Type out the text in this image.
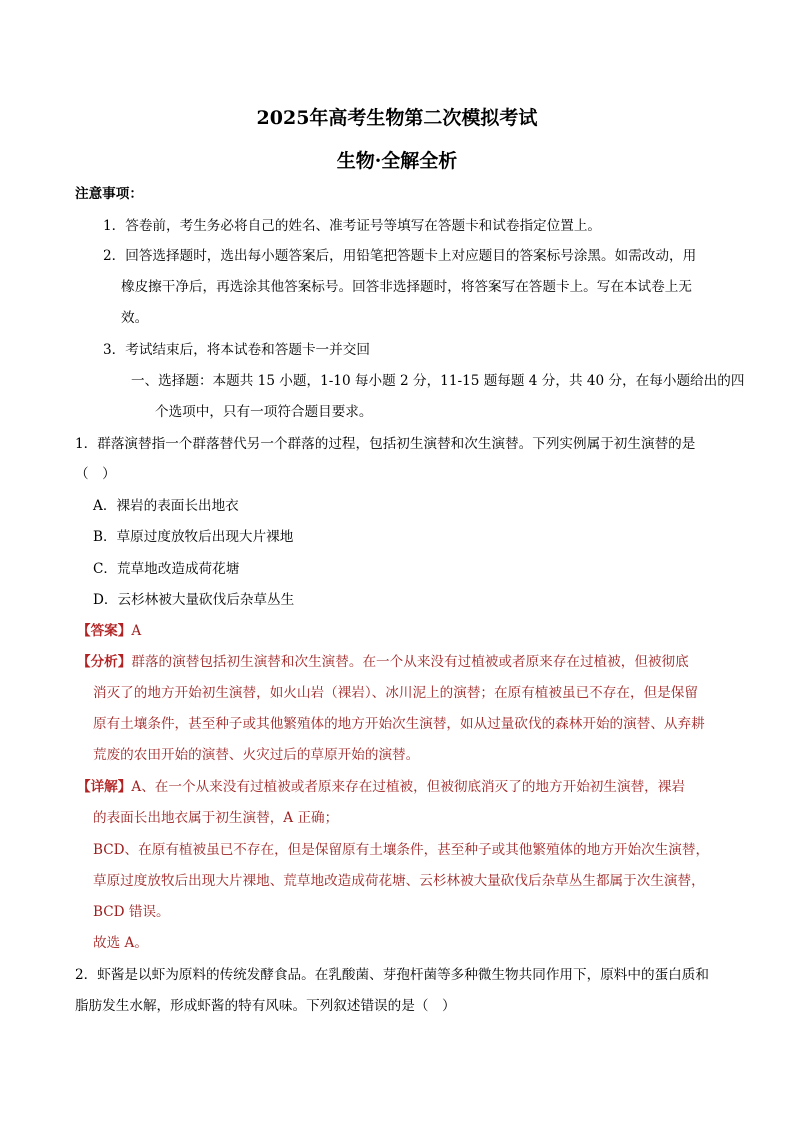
2025年高考生物第二次模拟考试
生物·全解全析
注意事项：
1．答卷前，考生务必将自己的姓名、准考证号等填写在答题卡和试卷指定位置上。
2．回答选择题时，选出每小题答案后，用铅笔把答题卡上对应题目的答案标号涂黑。如需改动，用
橡皮擦干净后，再选涂其他答案标号。回答非选择题时，将答案写在答题卡上。写在本试卷上无
效。
3．考试结束后，将本试卷和答题卡一并交回
一、选择题：本题共 15 小题，1-10 每小题 2 分，11-15 题每题 4 分，共 40 分，在每小题给出的四
个选项中，只有一项符合题目要求。
1．群落演替指一个群落替代另一个群落的过程，包括初生演替和次生演替。下列实例属于初生演替的是
（　）
A．裸岩的表面长出地衣
B．草原过度放牧后出现大片裸地
C．荒草地改造成荷花塘
D．云杉林被大量砍伐后杂草丛生
【答案】A
【分析】群落的演替包括初生演替和次生演替。在一个从来没有过植被或者原来存在过植被，但被彻底
消灭了的地方开始初生演替，如火山岩（裸岩）、冰川泥上的演替；在原有植被虽已不存在，但是保留
原有土壤条件，甚至种子或其他繁殖体的地方开始次生演替，如从过量砍伐的森林开始的演替、从弃耕
荒废的农田开始的演替、火灾过后的草原开始的演替。
【详解】A、在一个从来没有过植被或者原来存在过植被，但被彻底消灭了的地方开始初生演替，裸岩
的表面长出地衣属于初生演替，A 正确；
BCD、在原有植被虽已不存在，但是保留原有土壤条件，甚至种子或其他繁殖体的地方开始次生演替，
草原过度放牧后出现大片裸地、荒草地改造成荷花塘、云杉林被大量砍伐后杂草丛生都属于次生演替，
BCD 错误。
故选 A。
2．虾酱是以虾为原料的传统发酵食品。在乳酸菌、芽孢杆菌等多种微生物共同作用下，原料中的蛋白质和
脂肪发生水解，形成虾酱的特有风味。下列叙述错误的是（　）
